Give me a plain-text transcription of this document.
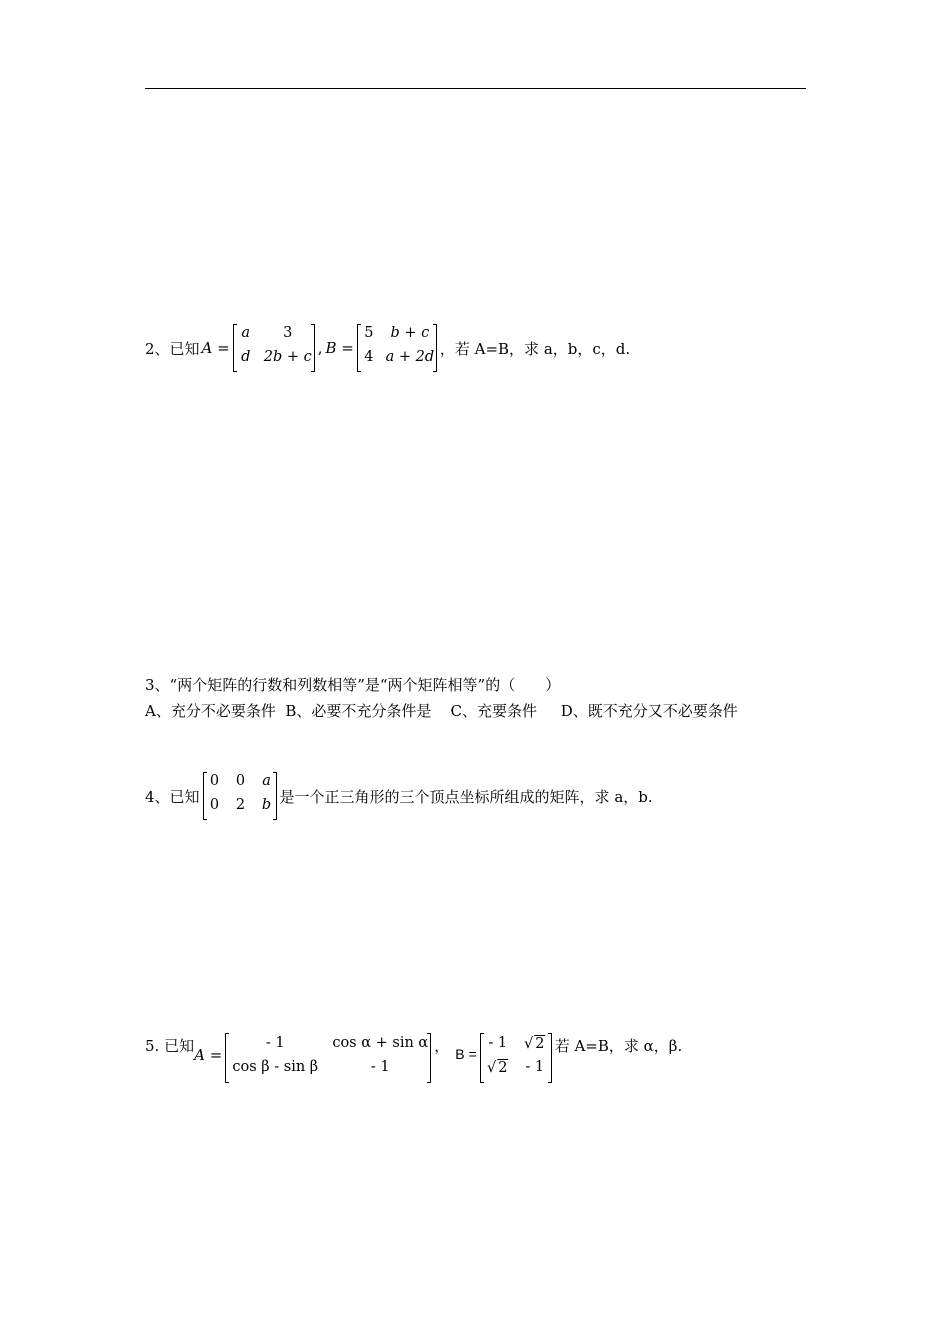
2、已知 A =
a 3
d 2b + c , B =
5 b + c
4 a + 2d ，若 A=B，求 a，b，c，d.
3、“两个矩阵的行数和列数相等”是“两个矩阵相等”的（　　）
A、充分不必要条件  B、必要不充分条件是    C、充要条件     D、既不充分又不必要条件
4、已知
0 0 a
0 2 b 是一个正三角形的三个顶点坐标所组成的矩阵，求 a，b.
5. 已知 A =
- 1	cos α + sin α
cos β - sin β	- 1
， B =
- 1 √ 2
√ 2 - 1
若 A=B，求 α，β.
